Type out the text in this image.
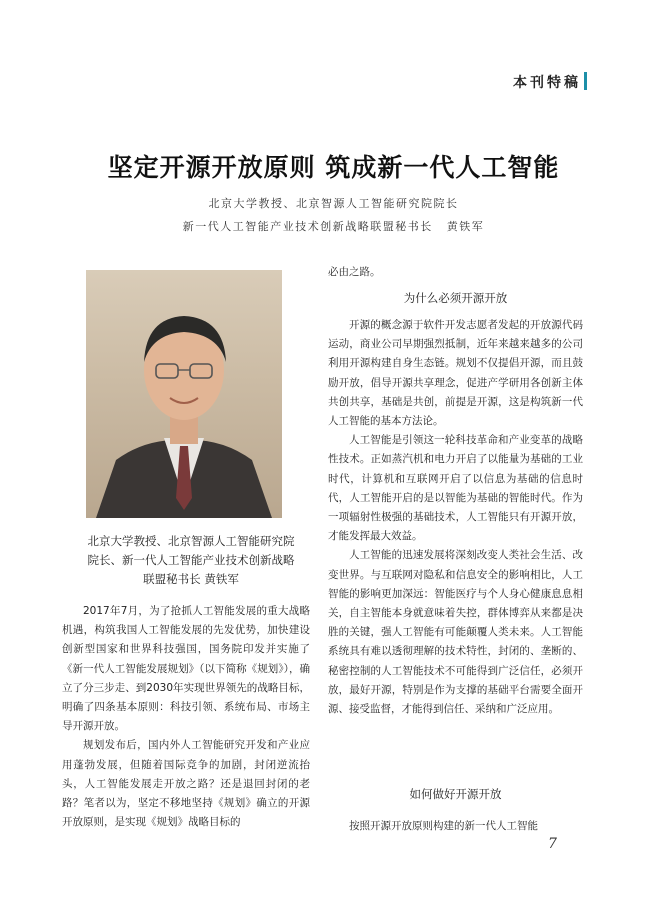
本刊特稿
坚定开源开放原则 筑成新一代人工智能
北京大学教授、北京智源人工智能研究院院长
新一代人工智能产业技术创新战略联盟秘书长 黄铁军
北京大学教授、北京智源人工智能研究院院长、新一代人工智能产业技术创新战略联盟秘书长 黄铁军

2017年7月，为了抢抓人工智能发展的重大战略机遇，构筑我国人工智能发展的先发优势，加快建设创新型国家和世界科技强国，国务院印发并实施了《新一代人工智能发展规划》（以下简称《规划》），确立了分三步走、到2030年实现世界领先的战略目标，明确了四条基本原则：科技引领、系统布局、市场主导开源开放。

规划发布后，国内外人工智能研究开发和产业应用蓬勃发展，但随着国际竞争的加剧，封闭逆流抬头，人工智能发展走开放之路？还是退回封闭的老路？笔者以为，坚定不移地坚持《规划》确立的开源开放原则，是实现《规划》战略目标的

必由之路。

为什么必须开源开放

开源的概念源于软件开发志愿者发起的开放源代码运动，商业公司早期强烈抵制，近年来越来越多的公司利用开源构建自身生态链。规划不仅提倡开源，而且鼓励开放，倡导开源共享理念，促进产学研用各创新主体共创共享，基础是共创，前提是开源，这是构筑新一代人工智能的基本方法论。

人工智能是引领这一轮科技革命和产业变革的战略性技术。正如蒸汽机和电力开启了以能量为基础的工业时代，计算机和互联网开启了以信息为基础的信息时代，人工智能开启的是以智能为基础的智能时代。作为一项辐射性极强的基础技术，人工智能只有开源开放，才能发挥最大效益。

人工智能的迅速发展将深刻改变人类社会生活、改变世界。与互联网对隐私和信息安全的影响相比，人工智能的影响更加深远：智能医疗与个人身心健康息息相关，自主智能本身就意味着失控，群体博弈从来都是决胜的关键，强人工智能有可能颠覆人类未来。人工智能系统具有难以透彻理解的技术特性，封闭的、垄断的、秘密控制的人工智能技术不可能得到广泛信任，必须开放，最好开源，特别是作为支撑的基础平台需要全面开源、接受监督，才能得到信任、采纳和广泛应用。

如何做好开源开放

按照开源开放原则构建的新一代人工智能

7
